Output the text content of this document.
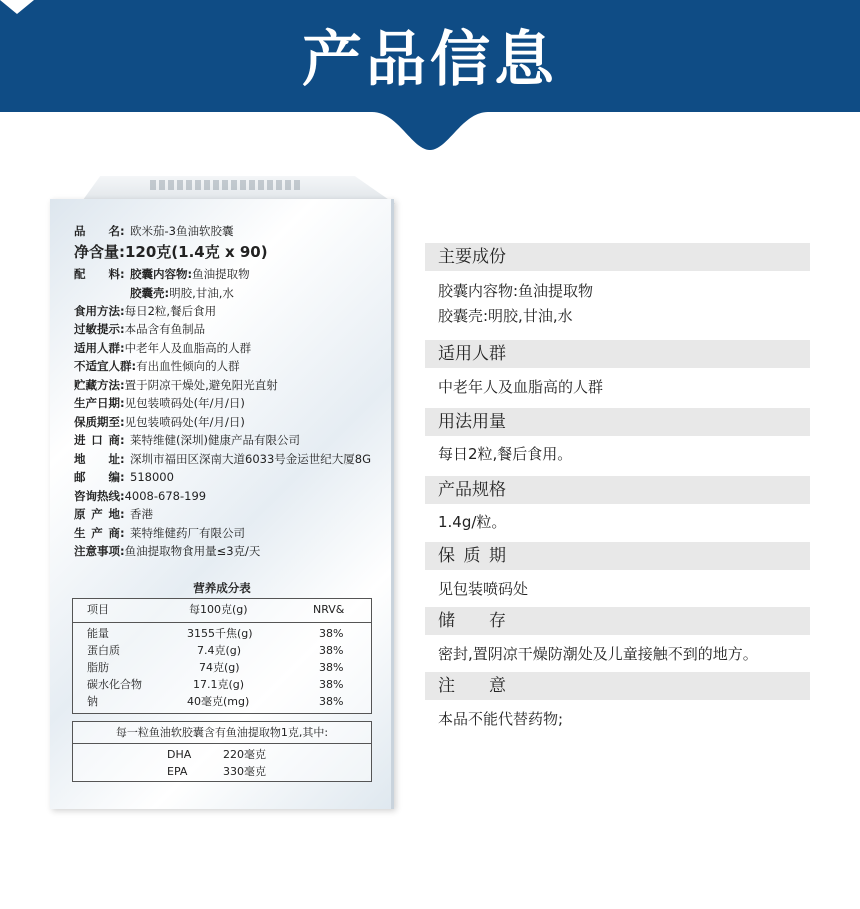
产品信息
品　　名: 欧米茄-3鱼油软胶囊
净含量:120克(1.4克 x 90)
配　　料: 胶囊内容物:鱼油提取物
胶囊壳:明胶,甘油,水
食用方法:每日2粒,餐后食用
过敏提示:本品含有鱼制品
适用人群:中老年人及血脂高的人群
不适宜人群:有出血性倾向的人群
贮藏方法:置于阴凉干燥处,避免阳光直射
生产日期:见包装喷码处(年/月/日)
保质期至:见包装喷码处(年/月/日)
进 口 商: 莱特维健(深圳)健康产品有限公司
地　　址: 深圳市福田区深南大道6033号金运世纪大厦8G
邮　　编: 518000
咨询热线:4008-678-199
原 产 地: 香港
生 产 商: 莱特维健药厂有限公司
注意事项:鱼油提取物食用量≤3克/天
营养成分表
项目	每100克(g)	NRV&
能量	3155千焦(g)	38%
蛋白质	7.4克(g)	38%
脂肪	74克(g)	38%
碳水化合物	17.1克(g)	38%
钠	40毫克(mg)	38%
每一粒鱼油软胶囊含有鱼油提取物1克,其中:
DHA	220毫克
EPA	330毫克
主要成份
胶囊内容物:鱼油提取物
胶囊壳:明胶,甘油,水
适用人群
中老年人及血脂高的人群
用法用量
每日2粒,餐后食用。
产品规格
1.4g/粒。
保 质 期
见包装喷码处
储　　存
密封,置阴凉干燥防潮处及儿童接触不到的地方。
注　　意
本品不能代替药物;
